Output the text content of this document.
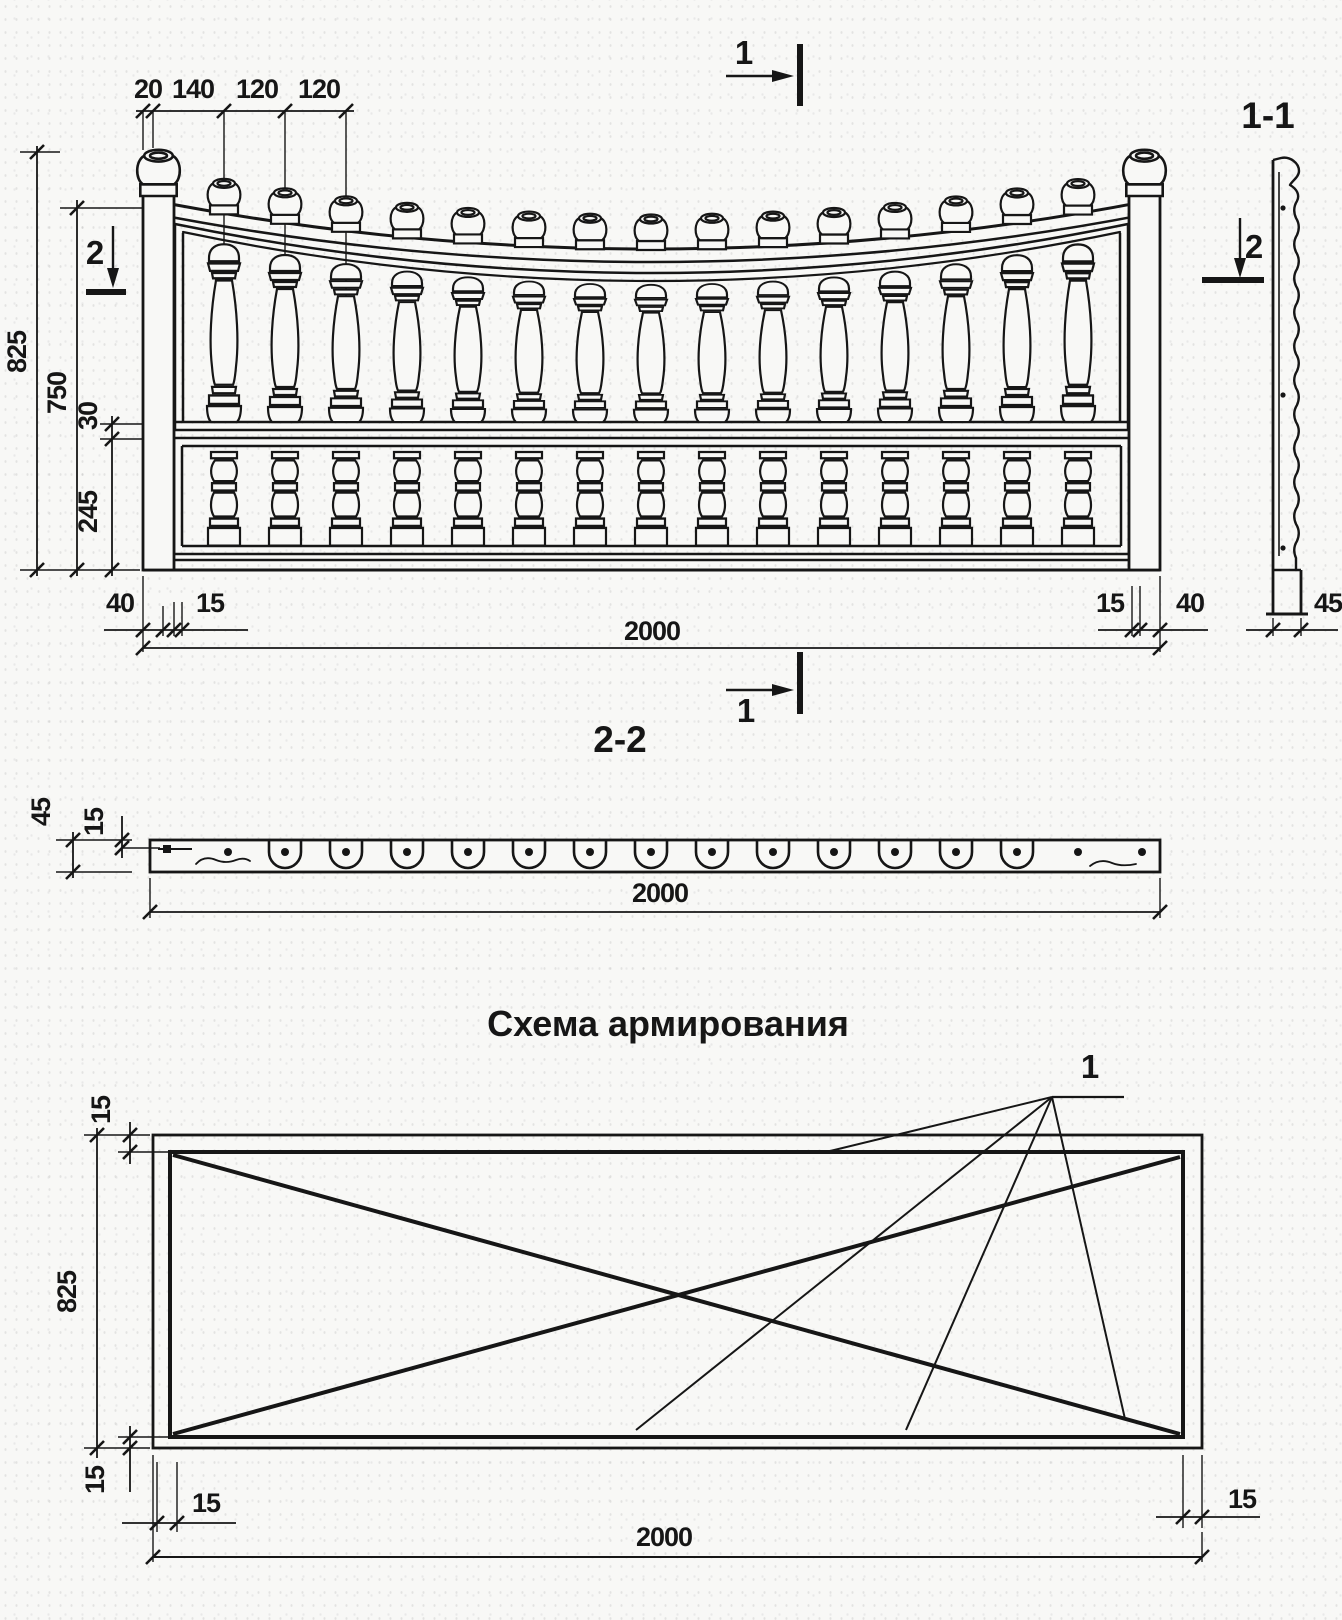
20 140 120 120
825
750
30
245
40 15
2000
15 40
1
1
2	2
1-1
45
2-2
45 15
2000
Схема армирования
1
15
825
15
15	15
2000
